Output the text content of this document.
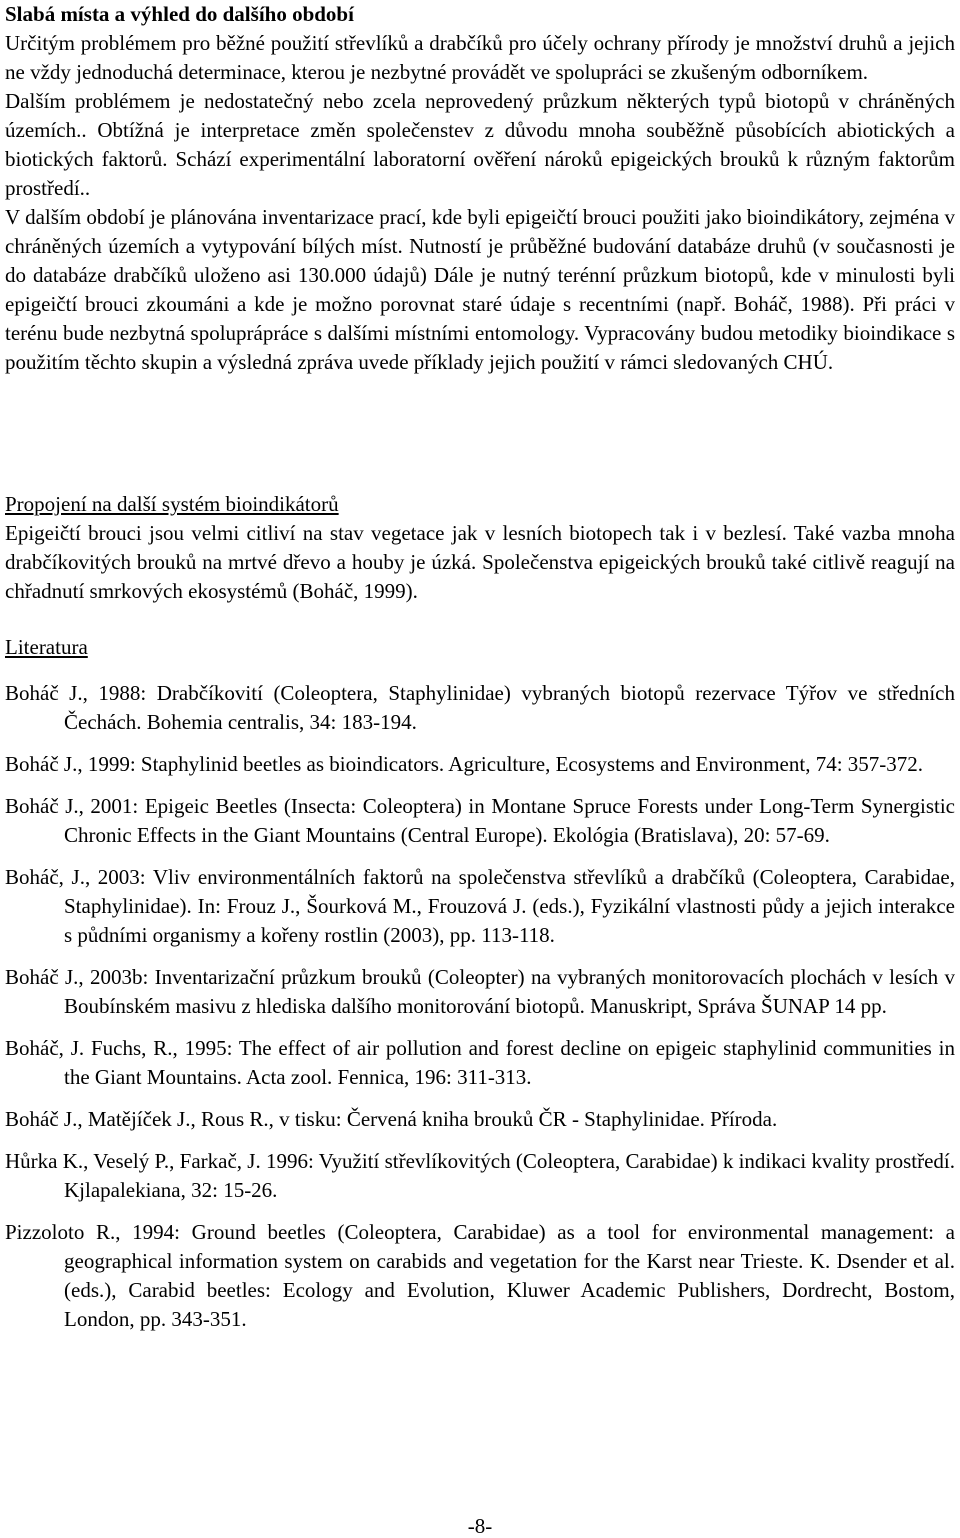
Slabá místa a výhled do dalšího období

Určitým problémem pro běžné použití střevlíků a drabčíků pro účely ochrany přírody je množství druhů a jejich ne vždy jednoduchá determinace, kterou je nezbytné provádět ve spolupráci se zkušeným odborníkem.

Dalším problémem je nedostatečný nebo zcela neprovedený průzkum některých typů biotopů v chráněných územích.. Obtížná je interpretace změn společenstev z důvodu mnoha souběžně působících abiotických a biotických faktorů. Schází experimentální laboratorní ověření nároků epigeických brouků k různým faktorům prostředí..

V dalším období je plánována inventarizace prací, kde byli epigeičtí brouci použiti jako bioindikátory, zejména v chráněných územích a vytypování bílých míst. Nutností je průběžné budování databáze druhů (v současnosti je do databáze drabčíků uloženo asi 130.000 údajů) Dále je nutný terénní průzkum biotopů, kde v minulosti byli epigeičtí brouci zkoumáni a kde je možno porovnat staré údaje s recentními (např. Boháč, 1988). Při práci v terénu bude nezbytná spoluprápráce s dalšími místními entomology. Vypracovány budou metodiky bioindikace s použitím těchto skupin a výsledná zpráva uvede příklady jejich použití v rámci sledovaných CHÚ.

Propojení na další systém bioindikátorů

Epigeičtí brouci jsou velmi citliví na stav vegetace jak v lesních biotopech tak i v bezlesí. Také vazba mnoha drabčíkovitých brouků na mrtvé dřevo a houby je úzká. Společenstva epigeických brouků také citlivě reagují na chřadnutí smrkových ekosystémů (Boháč, 1999).

Literatura

Boháč J., 1988: Drabčíkovití (Coleoptera, Staphylinidae) vybraných biotopů rezervace Týřov ve středních Čechách. Bohemia centralis, 34: 183-194.

Boháč J., 1999: Staphylinid beetles as bioindicators. Agriculture, Ecosystems and Environment, 74: 357-372.

Boháč J., 2001: Epigeic Beetles (Insecta: Coleoptera) in Montane Spruce Forests under Long-Term Synergistic Chronic Effects in the Giant Mountains (Central Europe). Ekológia (Bratislava), 20: 57-69.

Boháč, J., 2003: Vliv environmentálních faktorů na společenstva střevlíků a drabčíků (Coleoptera, Carabidae, Staphylinidae). In: Frouz J., Šourková M., Frouzová J. (eds.), Fyzikální vlastnosti půdy a jejich interakce s půdními organismy a kořeny rostlin (2003), pp. 113-118.

Boháč J., 2003b: Inventarizační průzkum brouků (Coleopter) na vybraných monitorovacích plochách v lesích v Boubínském masivu z hlediska dalšího monitorování biotopů. Manuskript, Správa ŠUNAP 14 pp.

Boháč, J. Fuchs, R., 1995: The effect of air pollution and forest decline on epigeic staphylinid communities in the Giant Mountains. Acta zool. Fennica, 196: 311-313.

Boháč J., Matějíček J., Rous R., v tisku: Červená kniha brouků ČR - Staphylinidae. Příroda.

Hůrka K., Veselý P., Farkač, J. 1996: Využití střevlíkovitých (Coleoptera, Carabidae) k indikaci kvality prostředí. Kjlapalekiana, 32: 15-26.

Pizzoloto R., 1994: Ground beetles (Coleoptera, Carabidae) as a tool for environmental management: a geographical information system on carabids and vegetation for the Karst near Trieste. K. Dsender et al. (eds.), Carabid beetles: Ecology and Evolution, Kluwer Academic Publishers, Dordrecht, Bostom, London, pp. 343-351.

-8-
